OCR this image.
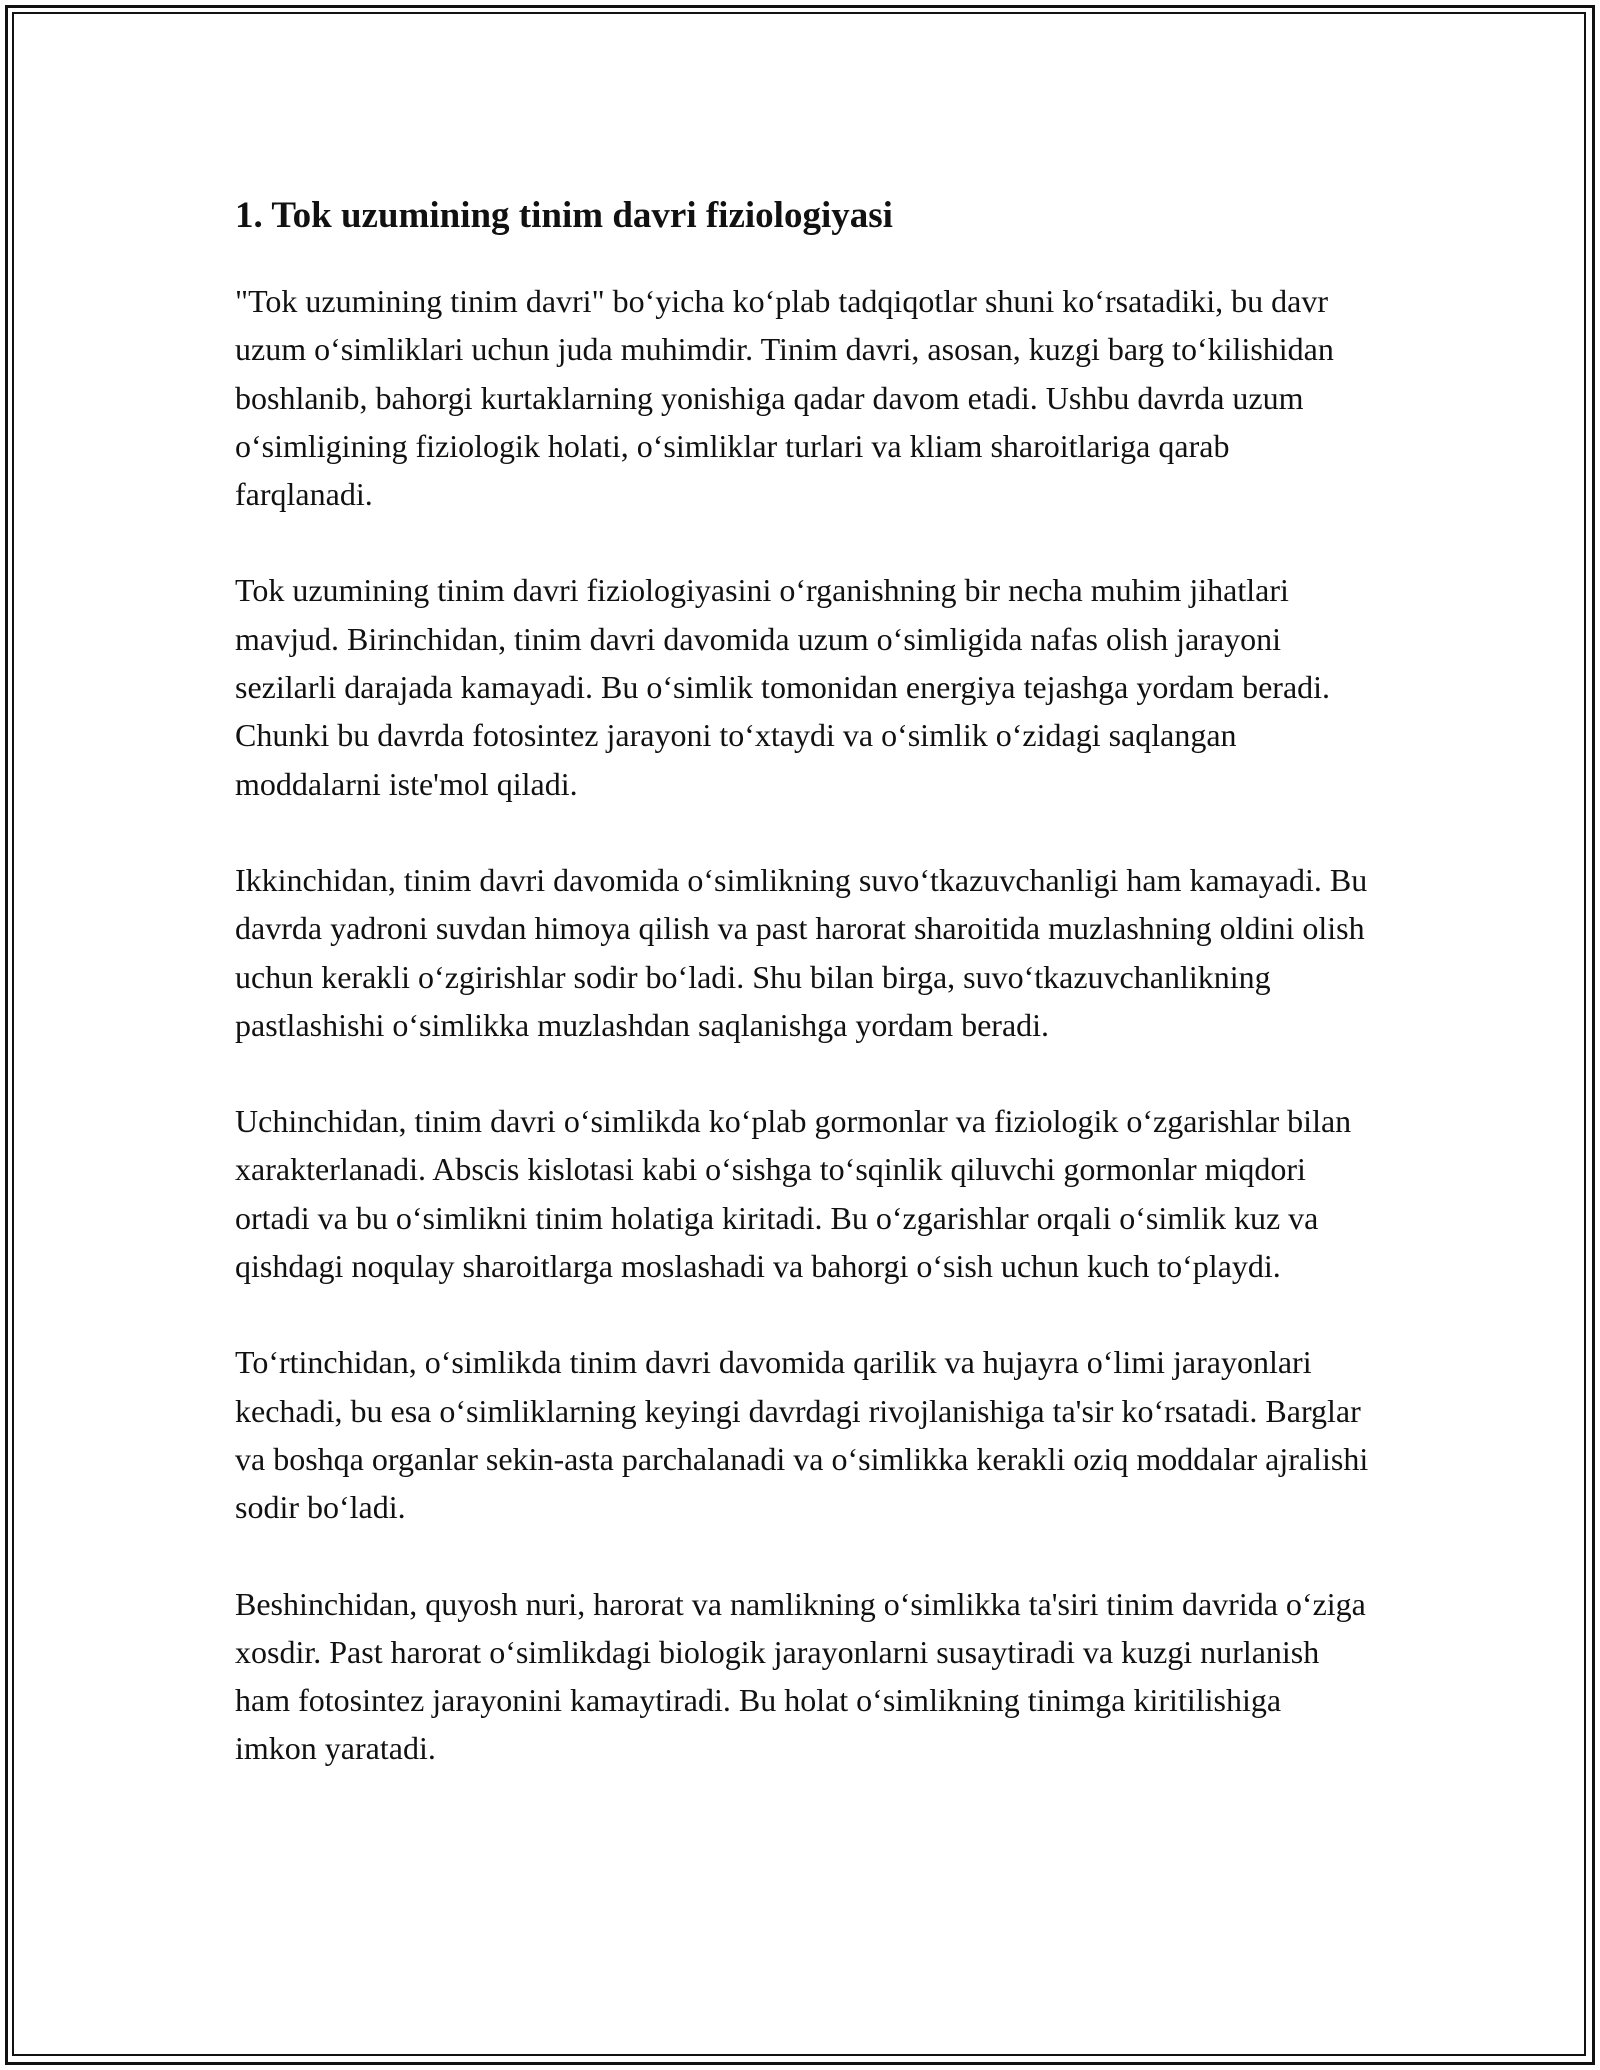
1. Tok uzumining tinim davri fiziologiyasi

"Tok uzumining tinim davri" bo‘yicha ko‘plab tadqiqotlar shuni ko‘rsatadiki, bu davr uzum o‘simliklari uchun juda muhimdir. Tinim davri, asosan, kuzgi barg to‘kilishidan boshlanib, bahorgi kurtaklarning yonishiga qadar davom etadi. Ushbu davrda uzum o‘simligining fiziologik holati, o‘simliklar turlari va kliam sharoitlariga qarab farqlanadi.

Tok uzumining tinim davri fiziologiyasini o‘rganishning bir necha muhim jihatlari mavjud. Birinchidan, tinim davri davomida uzum o‘simligida nafas olish jarayoni sezilarli darajada kamayadi. Bu o‘simlik tomonidan energiya tejashga yordam beradi. Chunki bu davrda fotosintez jarayoni to‘xtaydi va o‘simlik o‘zidagi saqlangan moddalarni iste'mol qiladi.

Ikkinchidan, tinim davri davomida o‘simlikning suvo‘tkazuvchanligi ham kamayadi. Bu davrda yadroni suvdan himoya qilish va past harorat sharoitida muzlashning oldini olish uchun kerakli o‘zgirishlar sodir bo‘ladi. Shu bilan birga, suvo‘tkazuvchanlikning pastlashishi o‘simlikka muzlashdan saqlanishga yordam beradi.

Uchinchidan, tinim davri o‘simlikda ko‘plab gormonlar va fiziologik o‘zgarishlar bilan xarakterlanadi. Abscis kislotasi kabi o‘sishga to‘sqinlik qiluvchi gormonlar miqdori ortadi va bu o‘simlikni tinim holatiga kiritadi. Bu o‘zgarishlar orqali o‘simlik kuz va qishdagi noqulay sharoitlarga moslashadi va bahorgi o‘sish uchun kuch to‘playdi.

To‘rtinchidan, o‘simlikda tinim davri davomida qarilik va hujayra o‘limi jarayonlari kechadi, bu esa o‘simliklarning keyingi davrdagi rivojlanishiga ta'sir ko‘rsatadi. Barglar va boshqa organlar sekin-asta parchalanadi va o‘simlikka kerakli oziq moddalar ajralishi sodir bo‘ladi.

Beshinchidan, quyosh nuri, harorat va namlikning o‘simlikka ta'siri tinim davrida o‘ziga xosdir. Past harorat o‘simlikdagi biologik jarayonlarni susaytiradi va kuzgi nurlanish ham fotosintez jarayonini kamaytiradi. Bu holat o‘simlikning tinimga kiritilishiga imkon yaratadi.
